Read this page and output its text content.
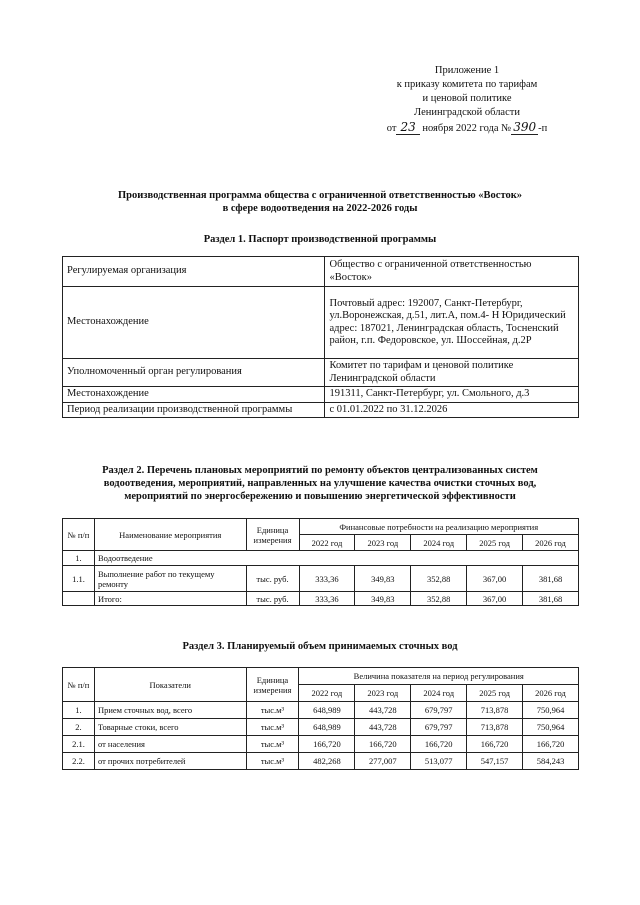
Приложение 1
к приказу комитета по тарифам
и ценовой политике
Ленинградской области
от 23 ноября 2022 года № 390 -п
Производственная программа общества с ограниченной ответственностью «Восток»
в сфере водоотведения на 2022-2026 годы
Раздел 1. Паспорт производственной программы
Регулируемая организация	Общество с ограниченной ответственностью «Восток»
Местонахождение	Почтовый адрес: 192007, Санкт-Петербург, ул.Воронежская, д.51, лит.А, пом.4- Н Юридический адрес: 187021, Ленинградская область, Тосненский район, г.п. Федоровское, ул. Шоссейная, д.2Р
Уполномоченный орган регулирования	Комитет по тарифам и ценовой политике Ленинградской области
Местонахождение	191311, Санкт-Петербург, ул. Смольного, д.3
Период реализации производственной программы	с 01.01.2022 по 31.12.2026
Раздел 2. Перечень плановых мероприятий по ремонту объектов централизованных систем
водоотведения, мероприятий, направленных на улучшение качества очистки сточных вод,
мероприятий по энергосбережению и повышению энергетической эффективности
№ п/п	Наименование мероприятия	Единица измерения	Финансовые потребности на реализацию мероприятия				
			2022 год	2023 год	2024 год	2025 год	2026 год
1.	Водоотведение						
1.1.	Выполнение работ по текущему ремонту	тыс. руб.	333,36	349,83	352,88	367,00	381,68
	Итого:	тыс. руб.	333,36	349,83	352,88	367,00	381,68
Раздел 3. Планируемый объем принимаемых сточных вод
№ п/п	Показатели	Единица измерения	Величина показателя на период регулирования				
			2022 год	2023 год	2024 год	2025 год	2026 год
1.	Прием сточных вод, всего	тыс.м³	648,989	443,728	679,797	713,878	750,964
2.	Товарные стоки, всего	тыс.м³	648,989	443,728	679,797	713,878	750,964
2.1.	от населения	тыс.м³	166,720	166,720	166,720	166,720	166,720
2.2.	от прочих потребителей	тыс.м³	482,268	277,007	513,077	547,157	584,243
